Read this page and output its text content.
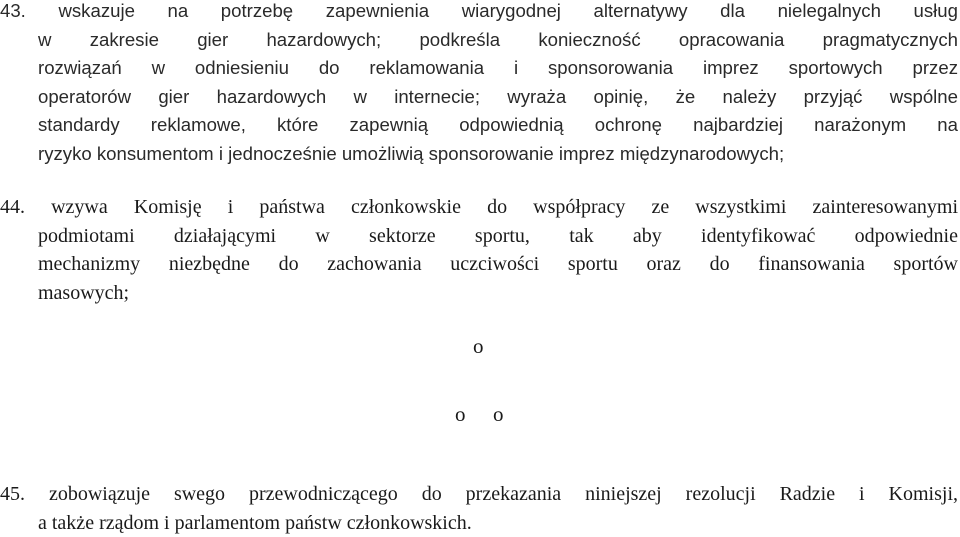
43. wskazuje na potrzebę zapewnienia wiarygodnej alternatywy dla nielegalnych usług
w zakresie gier hazardowych; podkreśla konieczność opracowania pragmatycznych
rozwiązań w odniesieniu do reklamowania i sponsorowania imprez sportowych przez
operatorów gier hazardowych w internecie; wyraża opinię, że należy przyjąć wspólne
standardy reklamowe, które zapewnią odpowiednią ochronę najbardziej narażonym na
ryzyko konsumentom i jednocześnie umożliwią sponsorowanie imprez międzynarodowych;
44. wzywa Komisję i państwa członkowskie do współpracy ze wszystkimi zainteresowanymi
podmiotami działającymi w sektorze sportu, tak aby identyfikować odpowiednie
mechanizmy niezbędne do zachowania uczciwości sportu oraz do finansowania sportów
masowych;
o
o o
45. zobowiązuje swego przewodniczącego do przekazania niniejszej rezolucji Radzie i Komisji,
a także rządom i parlamentom państw członkowskich.
